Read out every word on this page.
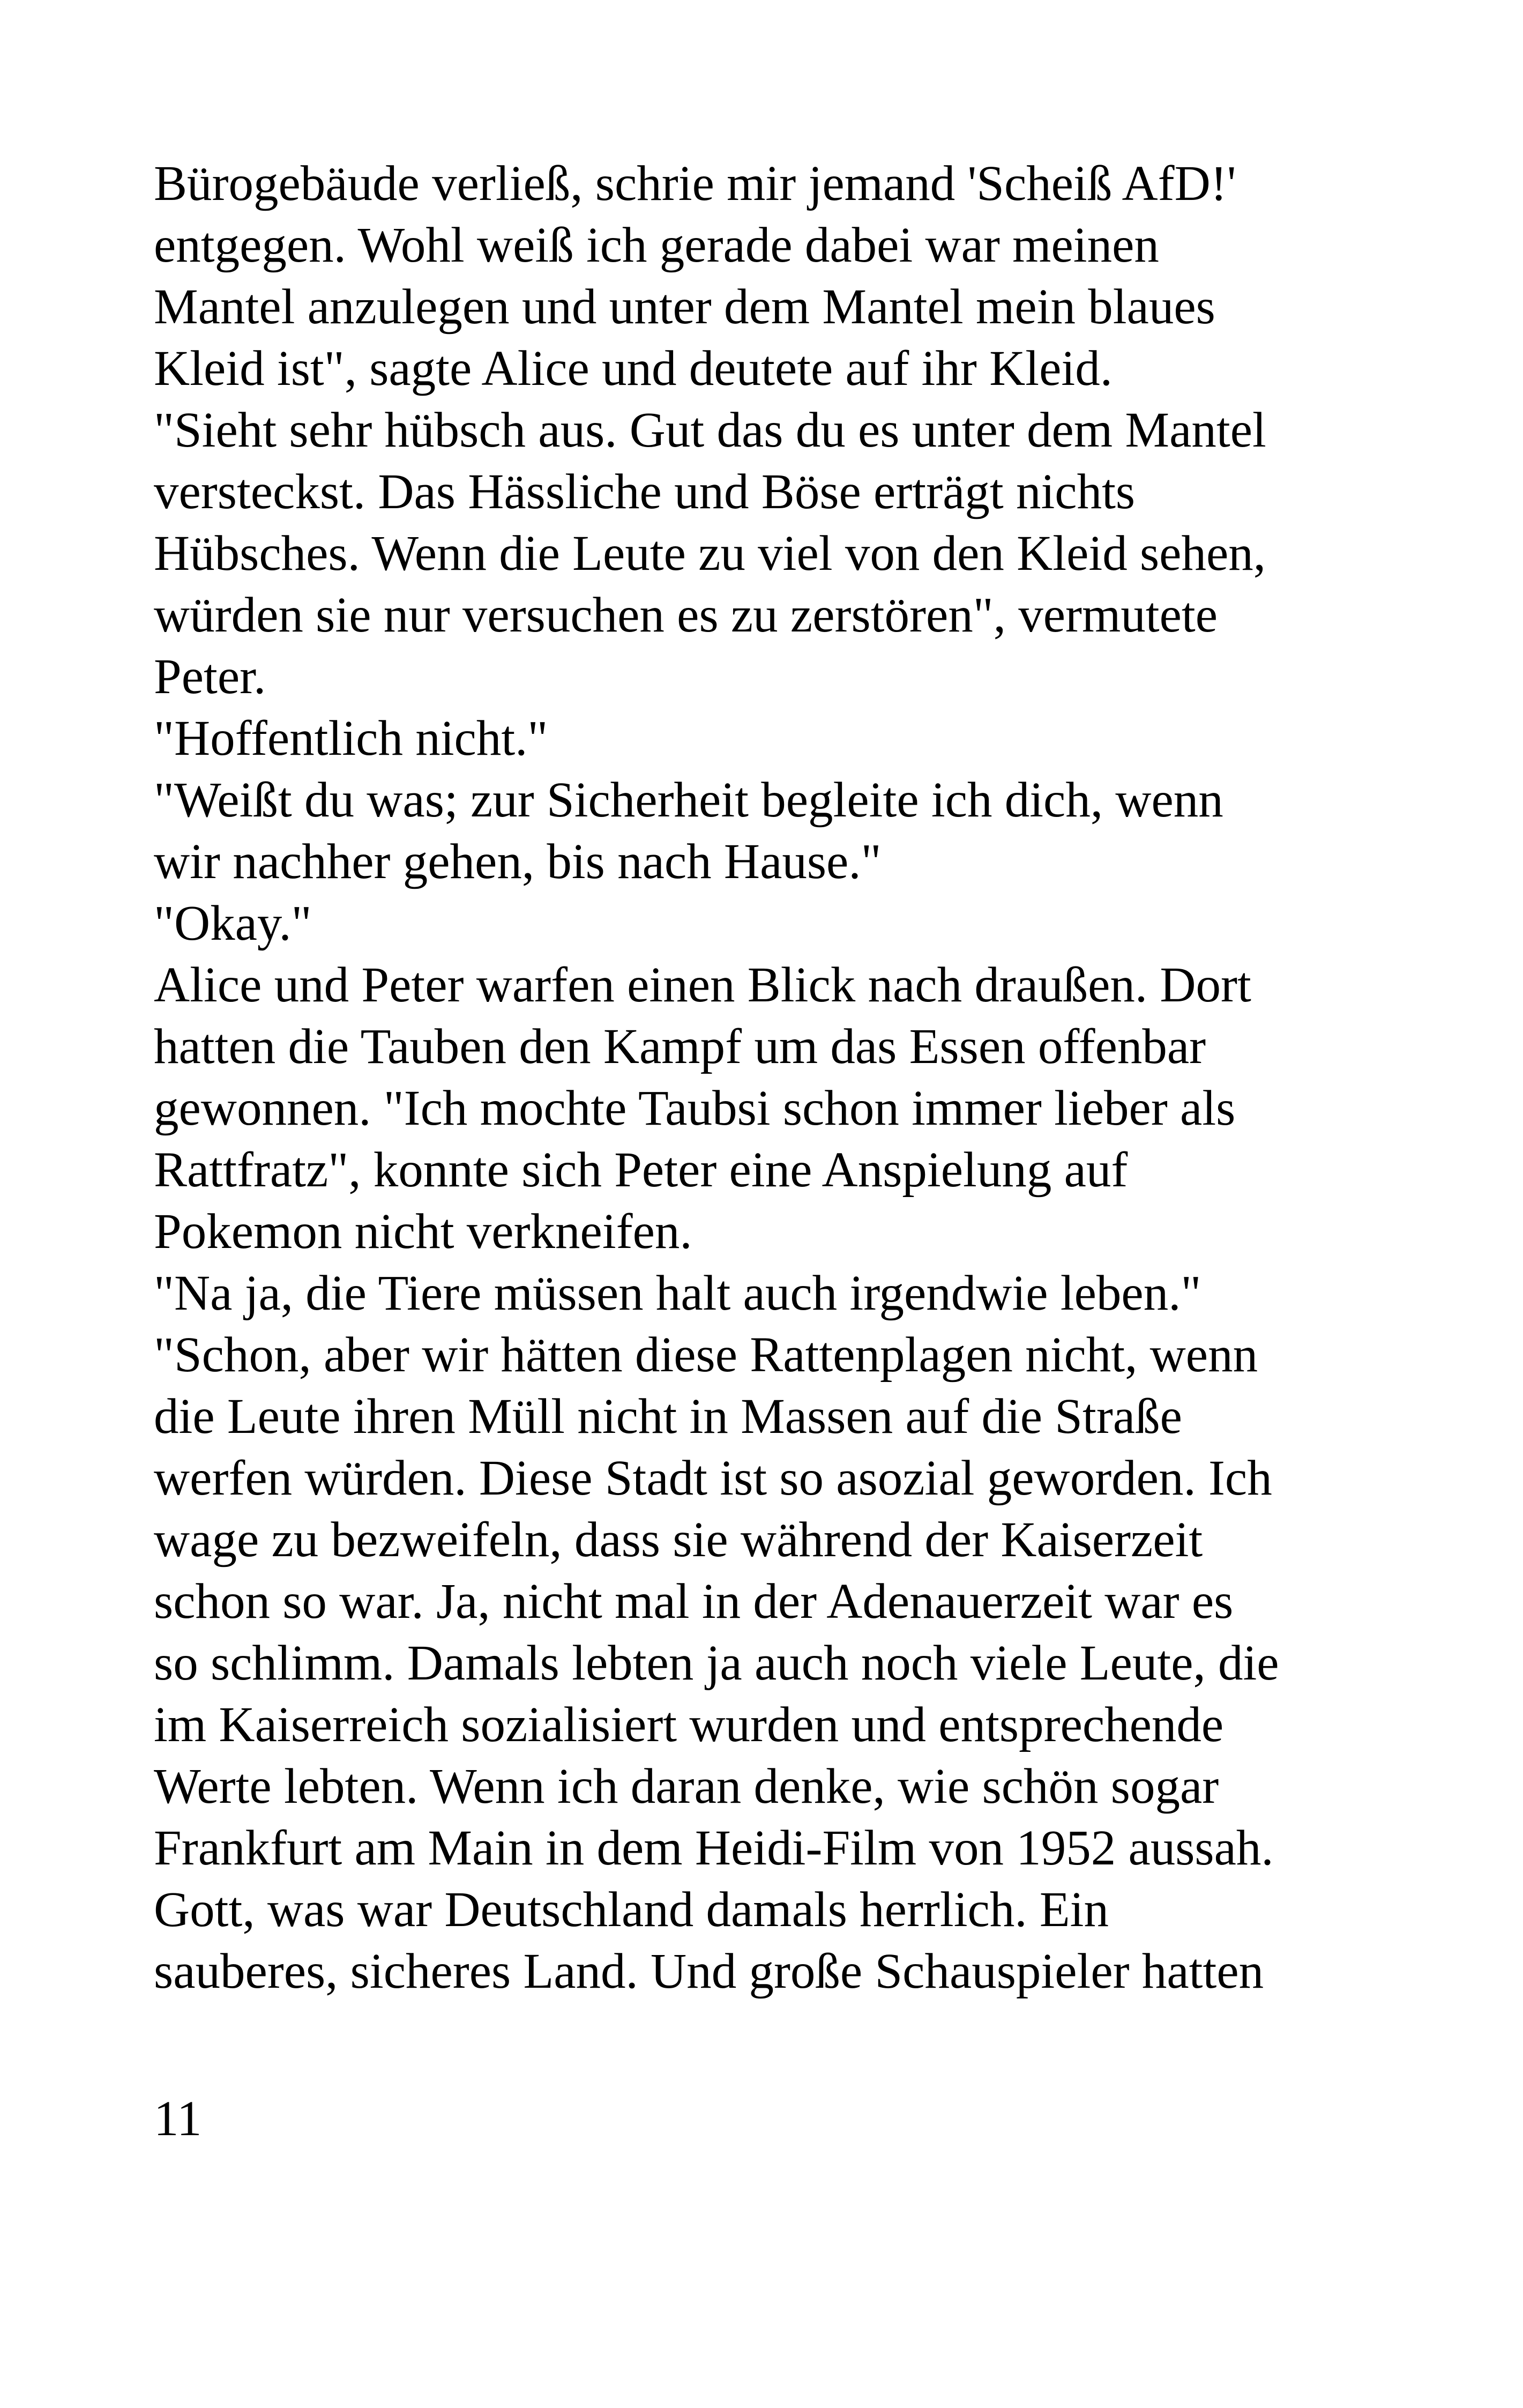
Bürogebäude verließ, schrie mir jemand 'Scheiß AfD!'
entgegen. Wohl weiß ich gerade dabei war meinen
Mantel anzulegen und unter dem Mantel mein blaues
Kleid ist", sagte Alice und deutete auf ihr Kleid.
"Sieht sehr hübsch aus. Gut das du es unter dem Mantel
versteckst. Das Hässliche und Böse erträgt nichts
Hübsches. Wenn die Leute zu viel von den Kleid sehen,
würden sie nur versuchen es zu zerstören", vermutete
Peter.
"Hoffentlich nicht."
"Weißt du was; zur Sicherheit begleite ich dich, wenn
wir nachher gehen, bis nach Hause."
"Okay."
Alice und Peter warfen einen Blick nach draußen. Dort
hatten die Tauben den Kampf um das Essen offenbar
gewonnen. "Ich mochte Taubsi schon immer lieber als
Rattfratz", konnte sich Peter eine Anspielung auf
Pokemon nicht verkneifen.
"Na ja, die Tiere müssen halt auch irgendwie leben."
"Schon, aber wir hätten diese Rattenplagen nicht, wenn
die Leute ihren Müll nicht in Massen auf die Straße
werfen würden. Diese Stadt ist so asozial geworden. Ich
wage zu bezweifeln, dass sie während der Kaiserzeit
schon so war. Ja, nicht mal in der Adenauerzeit war es
so schlimm. Damals lebten ja auch noch viele Leute, die
im Kaiserreich sozialisiert wurden und entsprechende
Werte lebten. Wenn ich daran denke, wie schön sogar
Frankfurt am Main in dem Heidi-Film von 1952 aussah.
Gott, was war Deutschland damals herrlich. Ein
sauberes, sicheres Land. Und große Schauspieler hatten
11
